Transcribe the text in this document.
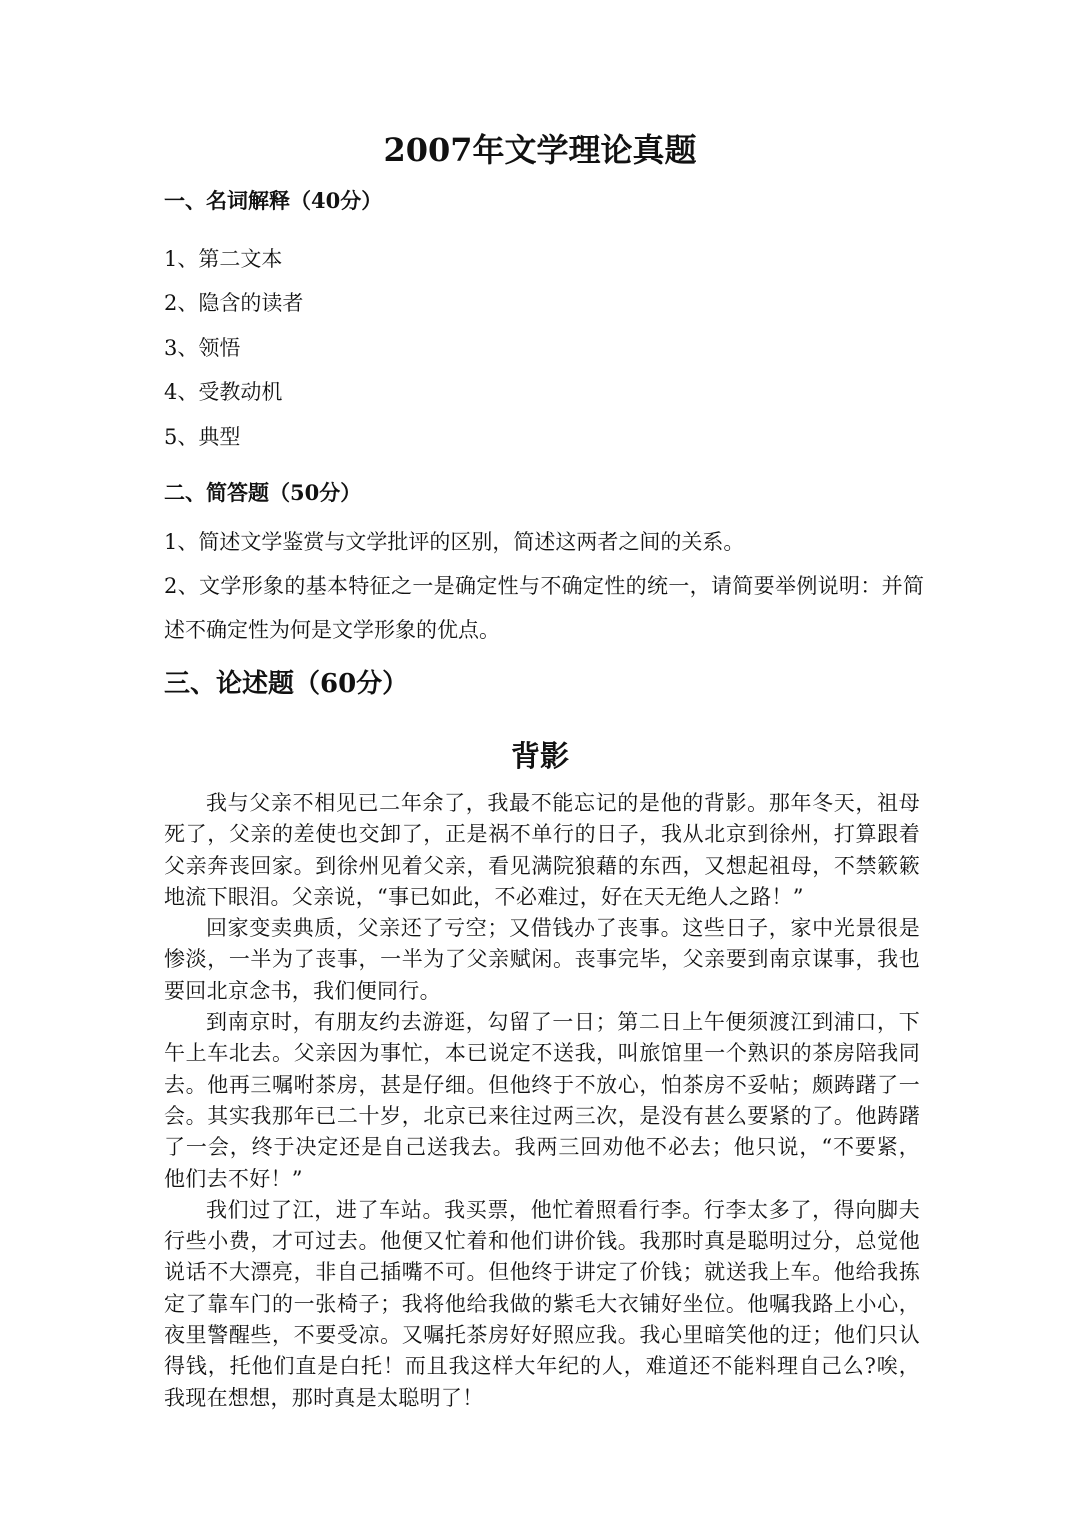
2007年文学理论真题
一、名词解释（40分）

1、第二文本

2、隐含的读者

3、领悟

4、受教动机

5、典型

二、简答题（50分）

1、简述文学鉴赏与文学批评的区别，简述这两者之间的关系。

2、文学形象的基本特征之一是确定性与不确定性的统一，请简要举例说明：并简述不确定性为何是文学形象的优点。

三、论述题（60分）
背影

我与父亲不相见已二年余了，我最不能忘记的是他的背影。那年冬天，祖母死了，父亲的差使也交卸了，正是祸不单行的日子，我从北京到徐州，打算跟着父亲奔丧回家。到徐州见着父亲，看见满院狼藉的东西，又想起祖母，不禁簌簌地流下眼泪。父亲说，“事已如此，不必难过，好在天无绝人之路！”

回家变卖典质，父亲还了亏空；又借钱办了丧事。这些日子，家中光景很是惨淡，一半为了丧事，一半为了父亲赋闲。丧事完毕，父亲要到南京谋事，我也要回北京念书，我们便同行。

到南京时，有朋友约去游逛，勾留了一日；第二日上午便须渡江到浦口，下午上车北去。父亲因为事忙，本已说定不送我，叫旅馆里一个熟识的茶房陪我同去。他再三嘱咐茶房，甚是仔细。但他终于不放心，怕茶房不妥帖；颇踌躇了一会。其实我那年已二十岁，北京已来往过两三次，是没有甚么要紧的了。他踌躇了一会，终于决定还是自己送我去。我两三回劝他不必去；他只说，“不要紧，他们去不好！”

我们过了江，进了车站。我买票，他忙着照看行李。行李太多了，得向脚夫行些小费，才可过去。他便又忙着和他们讲价钱。我那时真是聪明过分，总觉他说话不大漂亮，非自己插嘴不可。但他终于讲定了价钱；就送我上车。他给我拣定了靠车门的一张椅子；我将他给我做的紫毛大衣铺好坐位。他嘱我路上小心，夜里警醒些，不要受凉。又嘱托茶房好好照应我。我心里暗笑他的迂；他们只认得钱，托他们直是白托！而且我这样大年纪的人，难道还不能料理自己么?唉，我现在想想，那时真是太聪明了！
